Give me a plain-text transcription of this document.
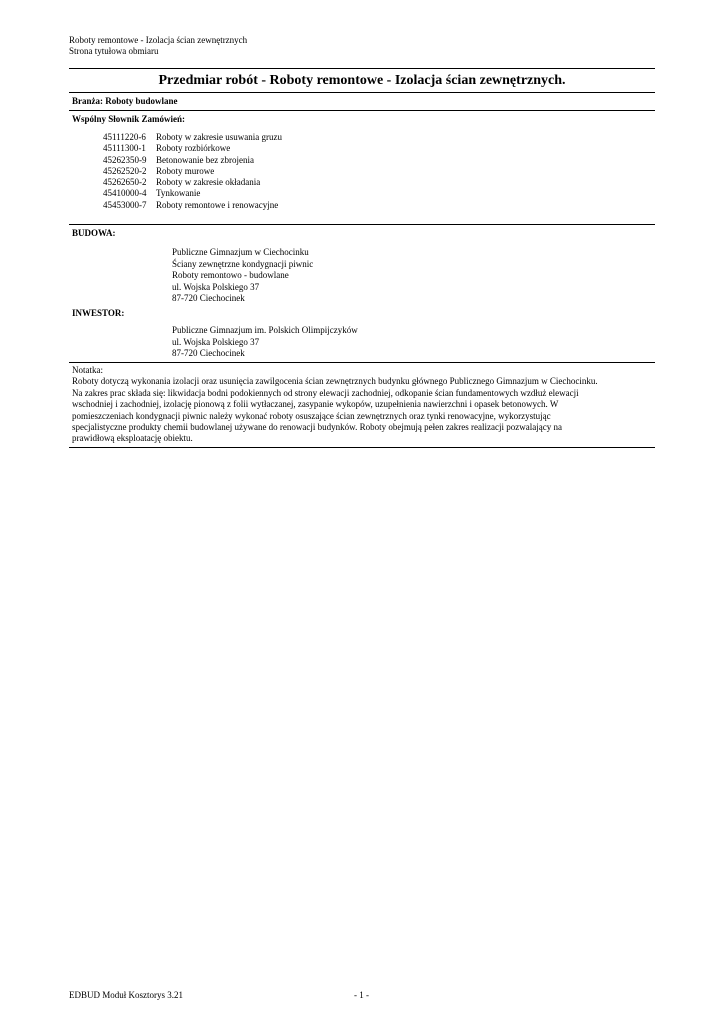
Roboty remontowe - Izolacja ścian zewnętrznych
Strona tytułowa obmiaru
Przedmiar robót - Roboty remontowe - Izolacja ścian zewnętrznych.
Branża: Roboty budowlane
Wspólny Słownik Zamówień:
45111220-6 Roboty w zakresie usuwania gruzu
45111300-1 Roboty rozbiórkowe
45262350-9 Betonowanie bez zbrojenia
45262520-2 Roboty murowe
45262650-2 Roboty w zakresie okładania
45410000-4 Tynkowanie
45453000-7 Roboty remontowe i renowacyjne
BUDOWA:
Publiczne Gimnazjum w Ciechocinku
Ściany zewnętrzne kondygnacji piwnic
Roboty remontowo - budowlane
ul. Wojska Polskiego 37
87-720 Ciechocinek
INWESTOR:
Publiczne Gimnazjum im. Polskich Olimpijczyków
ul. Wojska Polskiego 37
87-720 Ciechocinek
Notatka:
Roboty dotyczą wykonania izolacji oraz usunięcia zawilgocenia ścian zewnętrznych budynku głównego Publicznego Gimnazjum w Ciechocinku.
Na zakres prac składa się: likwidacja bodni podokiennych od strony elewacji zachodniej, odkopanie ścian fundamentowych wzdłuż elewacji
wschodniej i zachodniej, izolację pionową z folii wytłaczanej, zasypanie wykopów, uzupełnienia nawierzchni i opasek betonowych. W
pomieszczeniach kondygnacji piwnic należy wykonać roboty osuszające ścian zewnętrznych oraz tynki renowacyjne, wykorzystując
specjalistyczne produkty chemii budowlanej używane do renowacji budynków. Roboty obejmują pełen zakres realizacji pozwalający na
prawidłową eksploatację obiektu.
EDBUD Moduł Kosztorys 3.21	- 1 -
